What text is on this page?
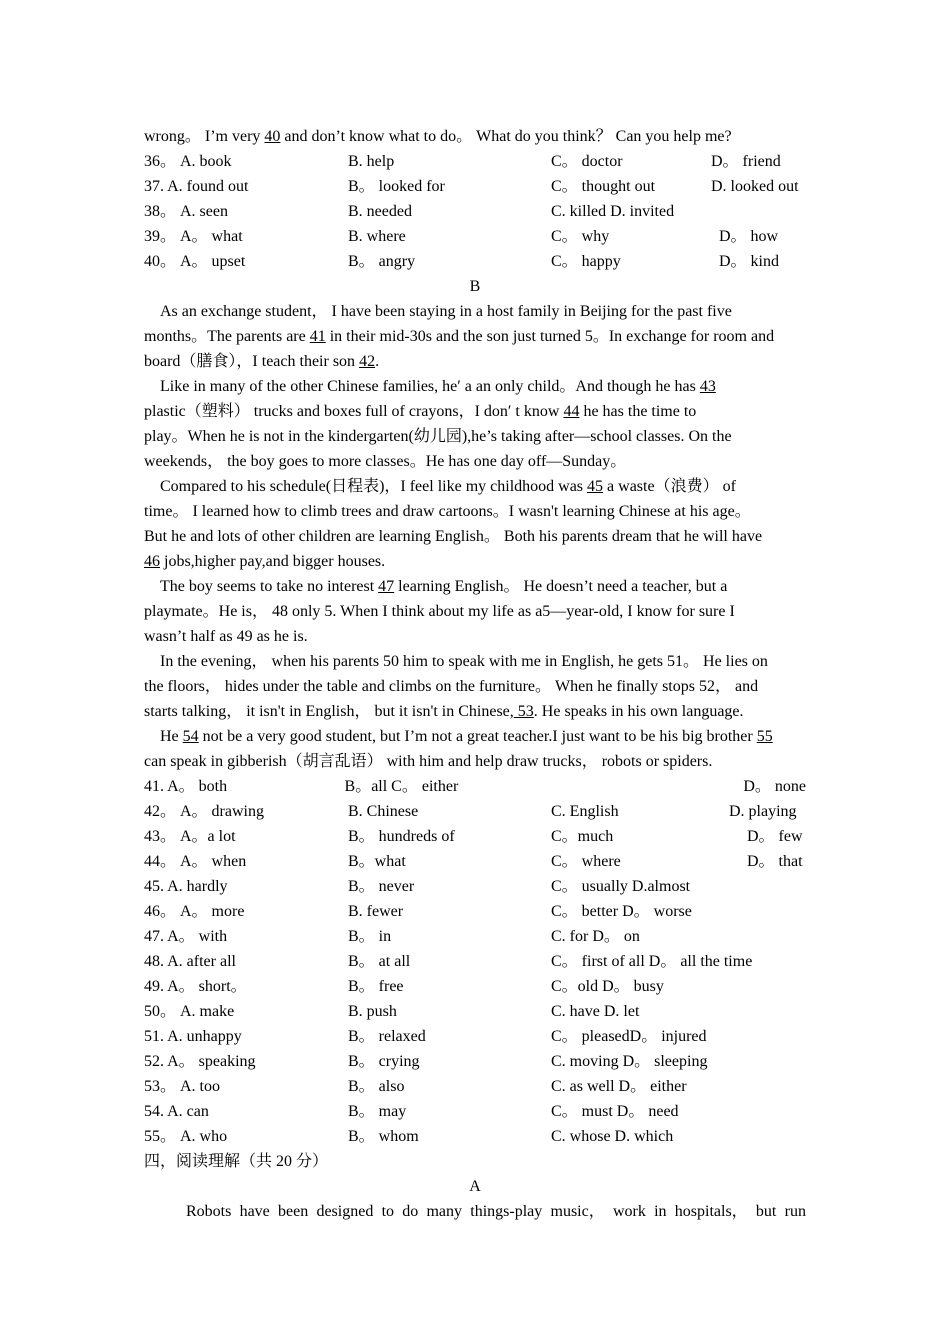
wrong。 I’m very 40 and don’t know what to do。 What do you think？ Can you help me?
36。 A. book	B. help	C。 doctor	D。 friend
37. A. found out	B。 looked for	C。 thought out	D. looked out
38。 A. seen	B. needed	C. killed D. invited
39。 A。 what	B. where	C。 why	D。 how
40。 A。 upset	B。 angry	C。 happy	D。 kind
B
As an exchange student， I have been staying in a host family in Beijing for the past five
months。The parents are 41 in their mid-30s and the son just turned 5。In exchange for room and
board（膳食），I teach their son 42.
Like in many of the other Chinese families, he′ a an only child。And though he has 43
plastic（塑料） trucks and boxes full of crayons，I don′ t know 44 he has the time to
play。When he is not in the kindergarten(幼儿园),he’s taking after—school classes. On the
weekends， the boy goes to more classes。He has one day off—Sunday。
Compared to his schedule(日程表)，I feel like my childhood was 45 a waste（浪费） of
time。 I learned how to climb trees and draw cartoons。I wasn't learning Chinese at his age。
But he and lots of other children are learning English。 Both his parents dream that he will have
46 jobs,higher pay,and bigger houses.
The boy seems to take no interest 47 learning English。 He doesn’t need a teacher, but a
playmate。He is， 48 only 5. When I think about my life as a5—year-old, I know for sure I
wasn’t half as 49 as he is.
In the evening， when his parents 50 him to speak with me in English, he gets 51。 He lies on
the floors， hides under the table and climbs on the furniture。 When he finally stops 52， and
starts talking， it isn't in English， but it isn't in Chinese, 53. He speaks in his own language.
He 54 not be a very good student, but I’m not a great teacher.I just want to be his big brother 55
can speak in gibberish（胡言乱语） with him and help draw trucks， robots or spiders.
41. A。 both	B。all C。 either	D。 none
42。 A。 drawing	B. Chinese	C. English	D. playing
43。 A。a lot	B。 hundreds of	C。much	D。 few
44。 A。 when	B。what	C。 where	D。 that
45. A. hardly	B。 never	C。 usually D.almost
46。 A。 more	B. fewer	C。 better D。 worse
47. A。 with	B。 in	C. for D。 on
48. A. after all	B。 at all	C。 first of all D。 all the time
49. A。 short。	B。 free	C。old D。 busy
50。 A. make	B. push	C. have D. let
51. A. unhappy	B。 relaxed	C。 pleasedD。 injured
52. A。 speaking	B。 crying	C. moving D。 sleeping
53。 A. too	B。 also	C. as well D。 either
54. A. can	B。 may	C。 must D。 need
55。 A. who	B。 whom	C. whose D. which
四，阅读理解（共 20 分）
A
Robots have been designed to do many things-play music， work in hospitals， but run
